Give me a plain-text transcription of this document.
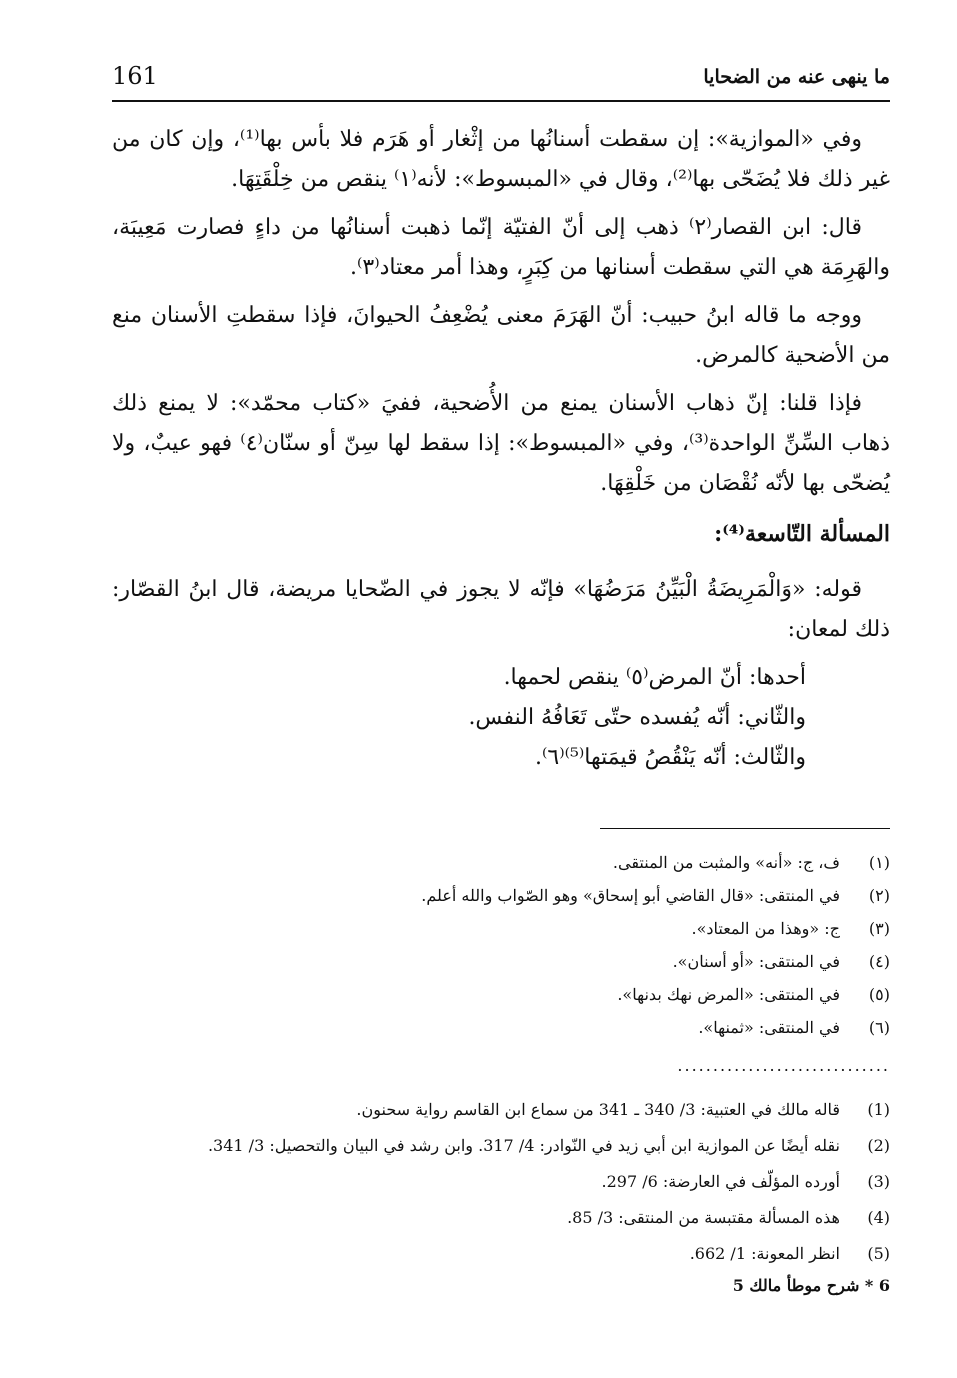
ما ينهى عنه من الضحايا
161

وفي «الموازية»: إن سقطت أسنانُها من إثْغار أو هَرَم فلا بأس بها⁽¹⁾، وإن كان من غير ذلك فلا يُضَحّى بها⁽²⁾، وقال في «المبسوط»: لأنه⁽١⁾ ينقص من خِلْقَتِهَا.

قال: ابن القصار⁽٢⁾ ذهب إلى أنّ الفتيّة إنّما ذهبت أسنانُها من داءٍ فصارت مَعِيبَة، والهَرِمَة هي التي سقطت أسنانها من كِبَرٍ، وهذا أمر معتاد⁽٣⁾.

ووجه ما قاله ابنُ حبيب: أنّ الهَرَمَ معنى يُضْعِفُ الحيوانَ، فإذا سقطتِ الأسنان منع من الأضحية كالمرض.

فإذا قلنا: إنّ ذهاب الأسنان يمنع من الأُضحية، ففيَ «كتاب محمّد»: لا يمنع ذلك ذهاب السِّنِّ الواحدة⁽³⁾، وفي «المبسوط»: إذا سقط لها سِنّ أو سنّان⁽٤⁾ فهو عيبٌ، ولا يُضحّى بها لأنّه نُقْصَان من خَلْقِهَا.

المسألة التّاسعة⁽⁴⁾:

قوله: «وَالْمَرِيضَةُ الْبَيِّنُ مَرَضُهَا» فإنّه لا يجوز في الضّحايا مريضة، قال ابنُ القصّار: ذلك لمعان:

أحدها: أنّ المرض⁽٥⁾ ينقص لحمها.

والثّاني: أنّه يُفسده حتّى تَعَافُهُ النفس.

والثّالث: أنّه يَنْقُصُ قيمَتها⁽⁵⁾⁽٦⁾.

(١)ف، ج: «أنه» والمثبت من المنتقى.
(٢)في المنتقى: «قال القاضي أبو إسحاق» وهو الصّواب والله أعلم.
(٣)ج: «وهذا من المعتاد».
(٤)في المنتقى: «أو أسنان».
(٥)في المنتقى: «المرض نهك بدنها».
(٦)في المنتقى: «ثمنها».
..............................
(1)قاله مالك في العتبية: 3/ 340 ـ 341 من سماع ابن القاسم رواية سحنون.
(2)نقله أيضًا عن الموازية ابن أبي زيد في النّوادر: 4/ 317. وابن رشد في البيان والتحصيل: 3/ 341.
(3)أورده المؤلّف في العارضة: 6/ 297.
(4)هذه المسألة مقتبسة من المنتقى: 3/ 85.
(5)انظر المعونة: 1/ 662.
6 * شرح موطأ مالك 5
